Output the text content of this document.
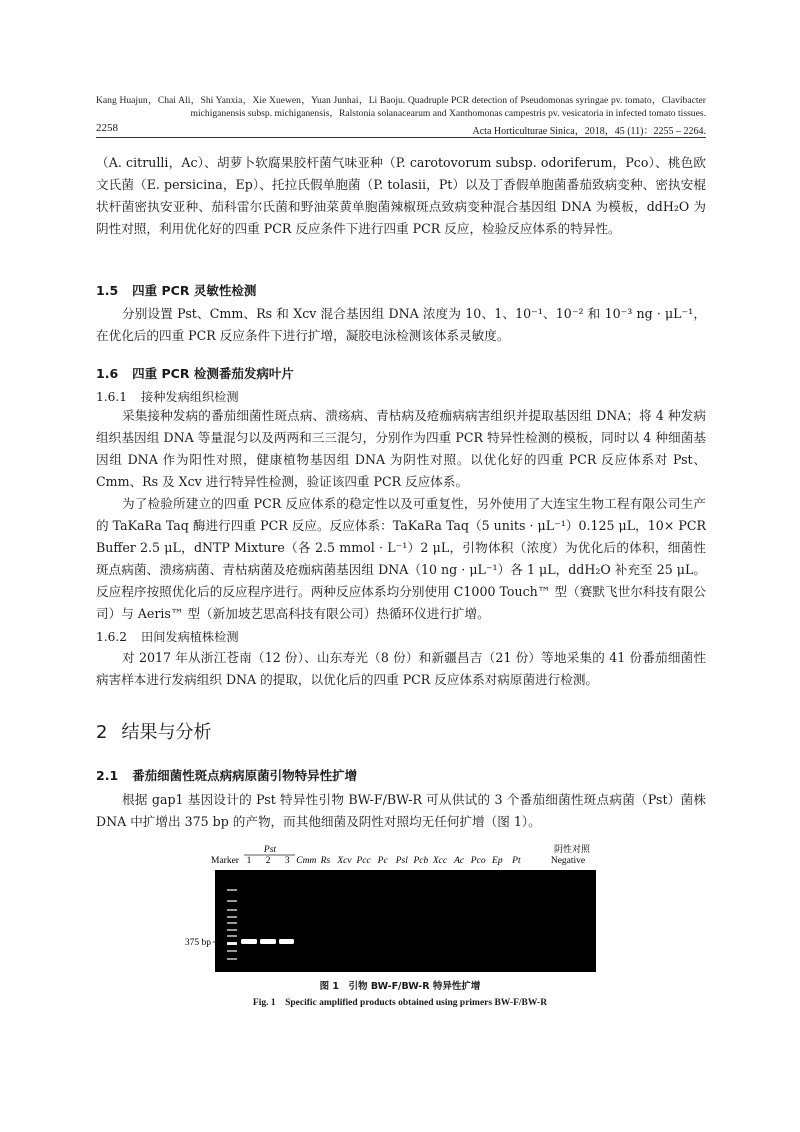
Kang Huajun，Chai Ali，Shi Yanxia，Xie Xuewen，Yuan Junhai，Li Baoju. Quadruple PCR detection of Pseudomonas syringae pv. tomato，Clavibacter
michiganensis subsp. michiganensis，Ralstonia solanacearum and Xanthomonas campestris pv. vesicatoria in infected tomato tissues.
2258	Acta Horticulturae Sinica，2018，45 (11)：2255 – 2264.
（A. citrulli，Ac）、胡萝卜软腐果胶杆菌气味亚种（P. carotovorum subsp. odoriferum，Pco）、桃色欧文氏菌（E. persicina，Ep）、托拉氏假单胞菌（P. tolasii，Pt）以及丁香假单胞菌番茄致病变种、密执安棍状杆菌密执安亚种、茄科雷尔氏菌和野油菜黄单胞菌辣椒斑点致病变种混合基因组 DNA 为模板，ddH₂O 为阴性对照，利用优化好的四重 PCR 反应条件下进行四重 PCR 反应，检验反应体系的特异性。
1.5 四重 PCR 灵敏性检测
分别设置 Pst、Cmm、Rs 和 Xcv 混合基因组 DNA 浓度为 10、1、10⁻¹、10⁻² 和 10⁻³ ng · μL⁻¹，在优化后的四重 PCR 反应条件下进行扩增，凝胶电泳检测该体系灵敏度。
1.6 四重 PCR 检测番茄发病叶片
1.6.1 接种发病组织检测
采集接种发病的番茄细菌性斑点病、溃疡病、青枯病及疮痂病病害组织并提取基因组 DNA；将 4 种发病组织基因组 DNA 等量混匀以及两两和三三混匀，分别作为四重 PCR 特异性检测的模板，同时以 4 种细菌基因组 DNA 作为阳性对照，健康植物基因组 DNA 为阴性对照。以优化好的四重 PCR 反应体系对 Pst、Cmm、Rs 及 Xcv 进行特异性检测，验证该四重 PCR 反应体系。
为了检验所建立的四重 PCR 反应体系的稳定性以及可重复性，另外使用了大连宝生物工程有限公司生产的 TaKaRa Taq 酶进行四重 PCR 反应。反应体系：TaKaRa Taq（5 units · μL⁻¹）0.125 μL，10× PCR Buffer 2.5 μL，dNTP Mixture（各 2.5 mmol · L⁻¹）2 μL，引物体积（浓度）为优化后的体积，细菌性斑点病菌、溃疡病菌、青枯病菌及疮痂病菌基因组 DNA（10 ng · μL⁻¹）各 1 μL，ddH₂O 补充至 25 μL。反应程序按照优化后的反应程序进行。两种反应体系均分别使用 C1000 Touch™ 型（赛默飞世尔科技有限公司）与 Aeris™ 型（新加坡艺思高科技有限公司）热循环仪进行扩增。
1.6.2 田间发病植株检测
对 2017 年从浙江苍南（12 份）、山东寿光（8 份）和新疆昌吉（21 份）等地采集的 41 份番茄细菌性病害样本进行发病组织 DNA 的提取，以优化后的四重 PCR 反应体系对病原菌进行检测。
2 结果与分析
2.1 番茄细菌性斑点病病原菌引物特异性扩增
根据 gap1 基因设计的 Pst 特异性引物 BW-F/BW-R 可从供试的 3 个番茄细菌性斑点病菌（Pst）菌株 DNA 中扩增出 375 bp 的产物，而其他细菌及阴性对照均无任何扩增（图 1）。
Pst	阴性对照
Marker 1 2 3 Cmm Rs Xcv Pcc Pc Psl Pcb Xcc Ac Pco Ep Pt	Negative
375 bp
图 1　引物 BW-F/BW-R 特异性扩增
Fig. 1　Specific amplified products obtained using primers BW-F/BW-R
